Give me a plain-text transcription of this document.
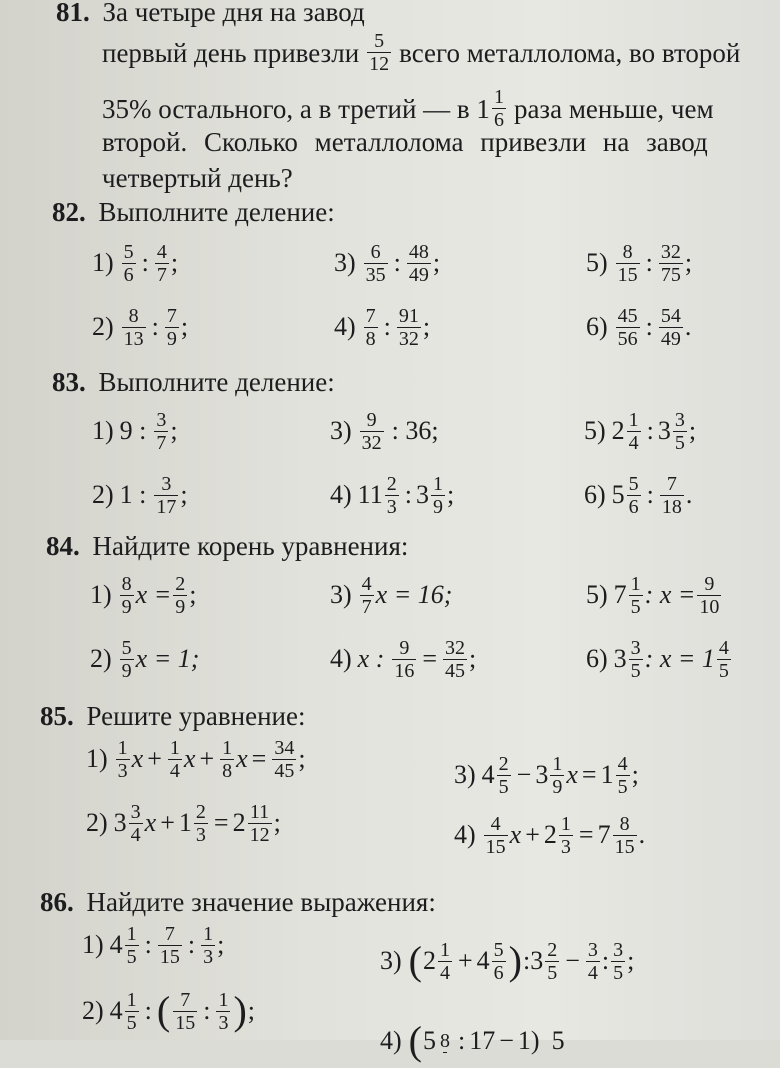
81. За четыре дня на завод
первый день привезли $\frac{5}{12}$ всего металлолома, во второй
35% остального, а в третий — в $1 \frac{1}{6}$ раза меньше, чем
второй. Сколько металлолома привезли на завод
четвертый день?
82. Выполните деление:
$1) \frac{5}{6}$ : $\frac{4}{7}$ ;
$2) \frac{8}{13}$ : $\frac{7}{9}$ ;
$3) \frac{6}{35}$ : $\frac{48}{49}$ ;
$4) \frac{7}{8}$ : $\frac{91}{32}$ ;
$5) \frac{8}{15}$ : $\frac{32}{75}$ ;
$6) \frac{45}{56}$ : $\frac{54}{49}$ .
83. Выполните деление:
1) 9 : $\frac{3}{7}$ ;
2) 1 : $\frac{3}{17}$ ;
$3) \frac{9}{32}$ : 36;
4) $11 \frac{2}{3}$ : $3 \frac{1}{9}$ ;
5) $2 \frac{1}{4}$ : $3 \frac{3}{5}$ ;
6) $5 \frac{5}{6}$ : $\frac{7}{18}$ .
84. Найдите корень уравнения:
$1) \frac{8}{9}$ $x = \frac{2}{9}$ ;
$2) \frac{5}{9}$ x = 1;
$3) \frac{4}{7}$ x = 16;
4) x : $\frac{9}{16} = \frac{32}{45}$ ;
5) $7 \frac{1}{5}$ : $x = \frac{9}{10}$
6) $3 \frac{3}{5}$ : $x = 1 \frac{4}{5}$
85. Решите уравнение:
$1) \frac{1}{3}$ $x + \frac{1}{4}$ $x + \frac{1}{8}$ $x = \frac{34}{45}$ ;
2) $3 \frac{3}{4}$ $x + 1 \frac{2}{3} = 2 \frac{11}{12}$ ;
3) $4 \frac{2}{5} - 3 \frac{1}{9}$ $x = 1 \frac{4}{5}$ ;
$4) \frac{4}{15}$ $x + 2 \frac{1}{3} = 7 \frac{8}{15}$ .
86. Найдите значение выражения:
1) $4 \frac{1}{5}$ : $\frac{7}{15}$ : $\frac{1}{3}$ ;
2) $4 \frac{1}{5}$ : ( $\frac{7}{15}$ : $\frac{1}{3}$ ) ;
3) ( $2 \frac{1}{4} + 4 \frac{5}{6}$ ) : $3 \frac{2}{5} - \frac{3}{4}$ : $\frac{3}{5}$ ;
4) ( 5 8 : 17 − 1) 5
